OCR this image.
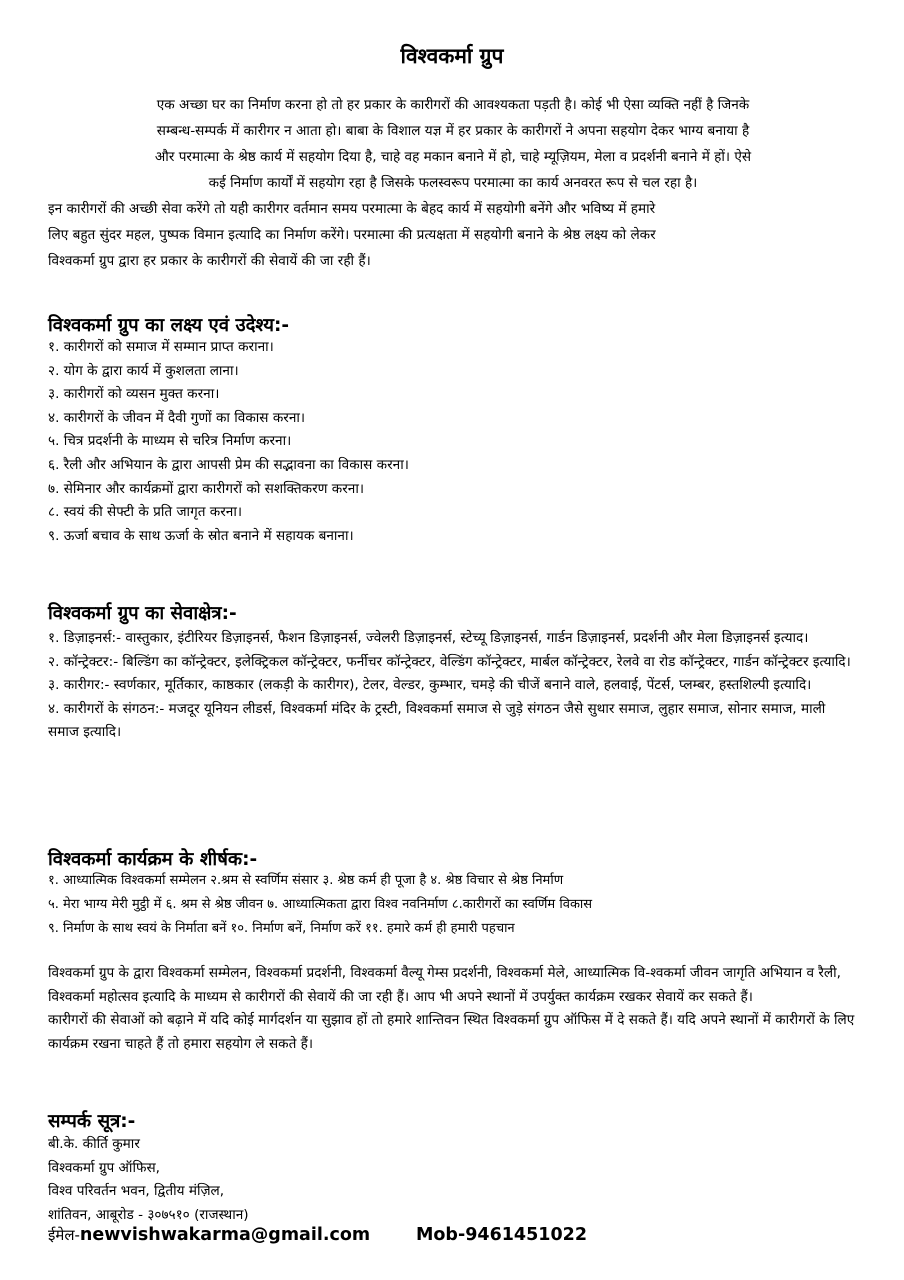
विश्वकर्मा ग्रुप
एक अच्छा घर का निर्माण करना हो तो हर प्रकार के कारीगरों की आवश्यकता पड़ती है। कोई भी ऐसा व्यक्ति नहीं है जिनके
सम्बन्ध-सम्पर्क में कारीगर न आता हो। बाबा के विशाल यज्ञ में हर प्रकार के कारीगरों ने अपना सहयोग देकर भाग्य बनाया है
और परमात्मा के श्रेष्ठ कार्य में सहयोग दिया है, चाहे वह मकान बनाने में हो, चाहे म्यूज़ियम, मेला व प्रदर्शनी बनाने में हों। ऐसे
कई निर्माण कार्यों में सहयोग रहा है जिसके फलस्वरूप परमात्मा का कार्य अनवरत रूप से चल रहा है।
इन कारीगरों की अच्छी सेवा करेंगे तो यही कारीगर वर्तमान समय परमात्मा के बेहद कार्य में सहयोगी बनेंगे और भविष्य में हमारे
लिए बहुत सुंदर महल, पुष्पक विमान इत्यादि का निर्माण करेंगे। परमात्मा की प्रत्यक्षता में सहयोगी बनाने के श्रेष्ठ लक्ष्य को लेकर
विश्वकर्मा ग्रुप द्वारा हर प्रकार के कारीगरों की सेवायें की जा रही हैं।
विश्वकर्मा ग्रुप का लक्ष्य एवं उदेश्य:-
१. कारीगरों को समाज में सम्मान प्राप्त कराना।
२. योग के द्वारा कार्य में कुशलता लाना।
३. कारीगरों को व्यसन मुक्त करना।
४. कारीगरों के जीवन में दैवी गुणों का विकास करना।
५. चित्र प्रदर्शनी के माध्यम से चरित्र निर्माण करना।
६. रैली और अभियान के द्वारा आपसी प्रेम की सद्भावना का विकास करना।
७. सेमिनार और कार्यक्रमों द्वारा कारीगरों को सशक्तिकरण करना।
८. स्वयं की सेफ्टी के प्रति जागृत करना।
९. ऊर्जा बचाव के साथ ऊर्जा के स्रोत बनाने में सहायक बनाना।
विश्वकर्मा ग्रुप का सेवाक्षेत्र:-
१. डिज़ाइनर्स:- वास्तुकार, इंटीरियर डिज़ाइनर्स, फैशन डिज़ाइनर्स, ज्वेलरी डिज़ाइनर्स, स्टेच्यू डिज़ाइनर्स, गार्डन डिज़ाइनर्स, प्रदर्शनी और मेला डिज़ाइनर्स इत्याद।
२. कॉन्ट्रेक्टर:- बिल्डिंग का कॉन्ट्रेक्टर, इलेक्ट्रिकल कॉन्ट्रेक्टर, फर्नीचर कॉन्ट्रेक्टर, वेल्डिंग कॉन्ट्रेक्टर, मार्बल कॉन्ट्रेक्टर, रेलवे वा रोड कॉन्ट्रेक्टर, गार्डन कॉन्ट्रेक्टर इत्यादि।
३. कारीगर:- स्वर्णकार, मूर्तिकार, काष्ठकार (लकड़ी के कारीगर), टेलर, वेल्डर, कुम्भार, चमड़े की चीजें बनाने वाले, हलवाई, पेंटर्स, प्लम्बर, हस्तशिल्पी इत्यादि।
४. कारीगरों के संगठन:- मजदूर यूनियन लीडर्स, विश्वकर्मा मंदिर के ट्रस्टी, विश्वकर्मा समाज से जुड़े संगठन जैसे सुथार समाज, लुहार समाज, सोनार समाज, माली समाज इत्यादि।
विश्वकर्मा कार्यक्रम के शीर्षक:-
१. आध्यात्मिक विश्वकर्मा सम्मेलन २.श्रम से स्वर्णिम संसार ३. श्रेष्ठ कर्म ही पूजा है ४. श्रेष्ठ विचार से श्रेष्ठ निर्माण
५. मेरा भाग्य मेरी मुट्ठी में ६. श्रम से श्रेष्ठ जीवन ७. आध्यात्मिकता द्वारा विश्व नवनिर्माण ८.कारीगरों का स्वर्णिम विकास
९. निर्माण के साथ स्वयं के निर्माता बनें १०. निर्माण बनें, निर्माण करें ११. हमारे कर्म ही हमारी पहचान
विश्वकर्मा ग्रुप के द्वारा विश्वकर्मा सम्मेलन, विश्वकर्मा प्रदर्शनी, विश्वकर्मा वैल्यू गेम्स प्रदर्शनी, विश्वकर्मा मेले, आध्यात्मिक वि-श्वकर्मा जीवन जागृति अभियान व रैली, विश्वकर्मा महोत्सव इत्यादि के माध्यम से कारीगरों की सेवायें की जा रही हैं। आप भी अपने स्थानों में उपर्युक्त कार्यक्रम रखकर सेवायें कर सकते हैं।
कारीगरों की सेवाओं को बढ़ाने में यदि कोई मार्गदर्शन या सुझाव हों तो हमारे शान्तिवन स्थित विश्वकर्मा ग्रुप ऑफिस में दे सकते हैं। यदि अपने स्थानों में कारीगरों के लिए कार्यक्रम रखना चाहते हैं तो हमारा सहयोग ले सकते हैं।
सम्पर्क सूत्र:-
बी.के. कीर्ति कुमार
विश्वकर्मा ग्रुप ऑफिस,
विश्व परिवर्तन भवन, द्वितीय मंज़िल,
शांतिवन, आबूरोड - ३०७५१० (राजस्थान)
ईमेल-newvishwakarma@gmail.com	Mob-9461451022
